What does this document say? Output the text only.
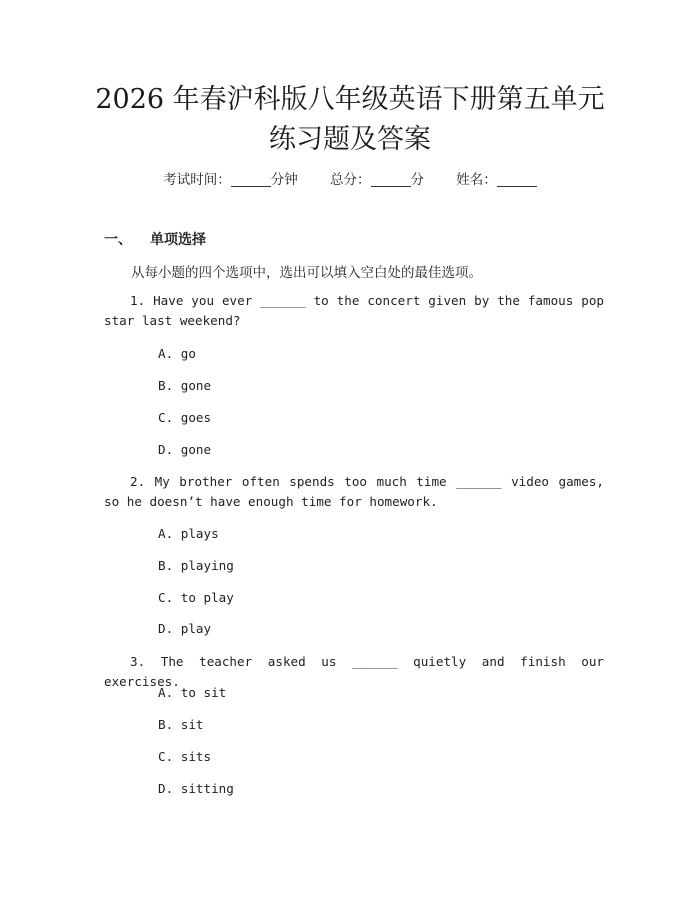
2026 年春沪科版八年级英语下册第五单元练习题及答案
考试时间：	分钟 总分：	分 姓名：
一、 单项选择
从每小题的四个选项中，选出可以填入空白处的最佳选项。
1. Have you ever ______ to the concert given by the famous pop star last weekend?
A. go
B. gone
C. goes
D. gone
2. My brother often spends too much time ______ video games, so he doesn’t have enough time for homework.
A. plays
B. playing
C. to play
D. play
3. The teacher asked us ______ quietly and finish our exercises.
A. to sit
B. sit
C. sits
D. sitting
